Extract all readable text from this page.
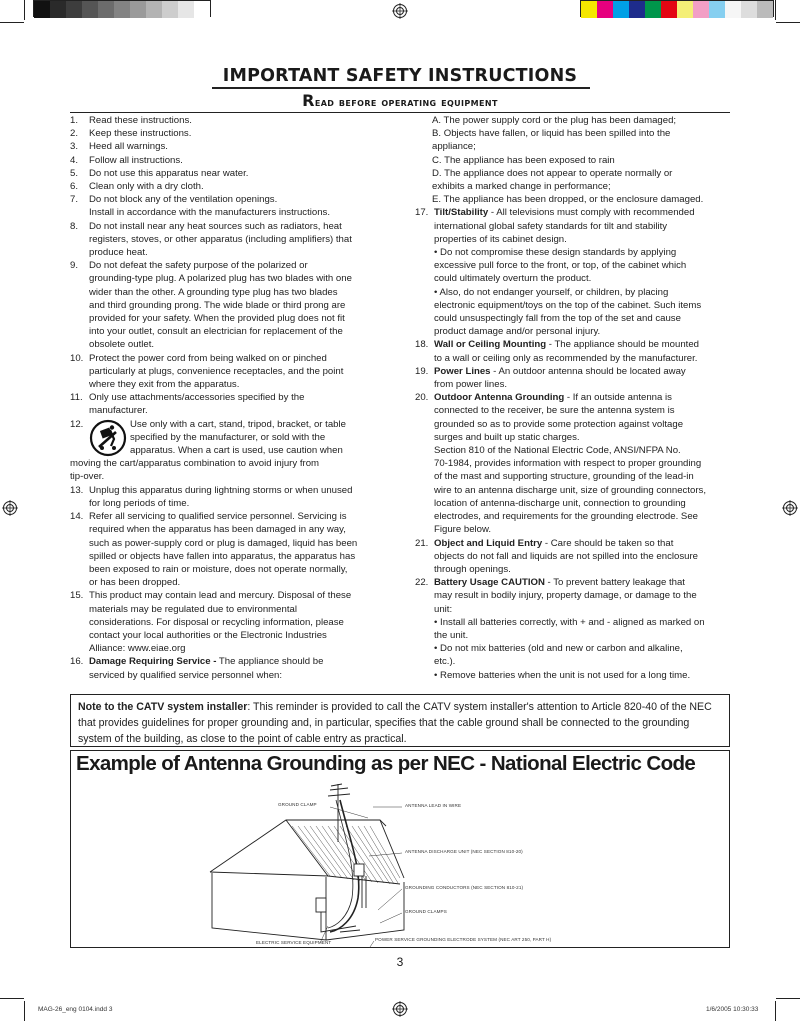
IMPORTANT SAFETY INSTRUCTIONS
Read before operating equipment
1. Read these instructions.
2. Keep these instructions.
3. Heed all warnings.
4. Follow all instructions.
5. Do not use this apparatus near water.
6. Clean only with a dry cloth.
7. Do not block any of the ventilation openings.
Install in accordance with the manufacturers instructions.
8. Do not install near any heat sources such as radiators, heat
registers, stoves, or other apparatus (including amplifiers) that
produce heat.
9. Do not defeat the safety purpose of the polarized or
grounding-type plug. A polarized plug has two blades with one
wider than the other. A grounding type plug has two blades
and third grounding prong. The wide blade or third prong are
provided for your safety. When the provided plug does not fit
into your outlet, consult an electrician for replacement of the
obsolete outlet.
10. Protect the power cord from being walked on or pinched
particularly at plugs, convenience receptacles, and the point
where they exit from the apparatus.
11. Only use attachments/accessories specified by the
manufacturer.
12.	Use only with a cart, stand, tripod, bracket, or table
specified by the manufacturer, or sold with the
apparatus. When a cart is used, use caution when
moving the cart/apparatus combination to avoid injury from
tip-over.
13. Unplug this apparatus during lightning storms or when unused
for long periods of time.
14. Refer all servicing to qualified service personnel. Servicing is
required when the apparatus has been damaged in any way,
such as power-supply cord or plug is damaged, liquid has been
spilled or objects have fallen into apparatus, the apparatus has
been exposed to rain or moisture, does not operate normally,
or has been dropped.
15. This product may contain lead and mercury. Disposal of these
materials may be regulated due to environmental
considerations. For disposal or recycling information, please
contact your local authorities or the Electronic Industries
Alliance: www.eiae.org
16. Damage Requiring Service - The appliance should be
serviced by qualified service personnel when:
A. The power supply cord or the plug has been damaged;
B. Objects have fallen, or liquid has been spilled into the
appliance;
C. The appliance has been exposed to rain
D. The appliance does not appear to operate normally or
exhibits a marked change in performance;
E. The appliance has been dropped, or the enclosure damaged.
17. Tilt/Stability - All televisions must comply with recommended
international global safety standards for tilt and stability
properties of its cabinet design.
• Do not compromise these design standards by applying
excessive pull force to the front, or top, of the cabinet which
could ultimately overturn the product.
• Also, do not endanger yourself, or children, by placing
electronic equipment/toys on the top of the cabinet. Such items
could unsuspectingly fall from the top of the set and cause
product damage and/or personal injury.
18. Wall or Ceiling Mounting - The appliance should be mounted
to a wall or ceiling only as recommended by the manufacturer.
19. Power Lines - An outdoor antenna should be located away
from power lines.
20. Outdoor Antenna Grounding - If an outside antenna is
connected to the receiver, be sure the antenna system is
grounded so as to provide some protection against voltage
surges and built up static charges.
Section 810 of the National Electric Code, ANSI/NFPA No.
70-1984, provides information with respect to proper grounding
of the mast and supporting structure, grounding of the lead-in
wire to an antenna discharge unit, size of grounding connectors,
location of antenna-discharge unit, connection to grounding
electrodes, and requirements for the grounding electrode. See
Figure below.
21. Object and Liquid Entry - Care should be taken so that
objects do not fall and liquids are not spilled into the enclosure
through openings.
22. Battery Usage CAUTION - To prevent battery leakage that
may result in bodily injury, property damage, or damage to the
unit:
• Install all batteries correctly, with + and - aligned as marked on
the unit.
• Do not mix batteries (old and new or carbon and alkaline,
etc.).
• Remove batteries when the unit is not used for a long time.
Note to the CATV system installer: This reminder is provided to call the CATV system installer's attention to Article 820-40 of the NEC that provides guidelines for proper grounding and, in particular, specifies that the cable ground shall be connected to the grounding system of the building, as close to the point of cable entry as practical.
Example of Antenna Grounding as per NEC - National Electric Code
GROUND CLAMP	ANTENNA LEAD IN WIRE
ANTENNA DISCHARGE UNIT (NEC SECTION 810-20)
GROUNDING CONDUCTORS (NEC SECTION 810-21)
GROUND CLAMPS
ELECTRIC SERVICE EQUIPMENT
POWER SERVICE GROUNDING ELECTRODE SYSTEM (NEC ART 250, PART H)
3
MAG-26_eng 0104.indd 3	1/6/2005 10:30:33
